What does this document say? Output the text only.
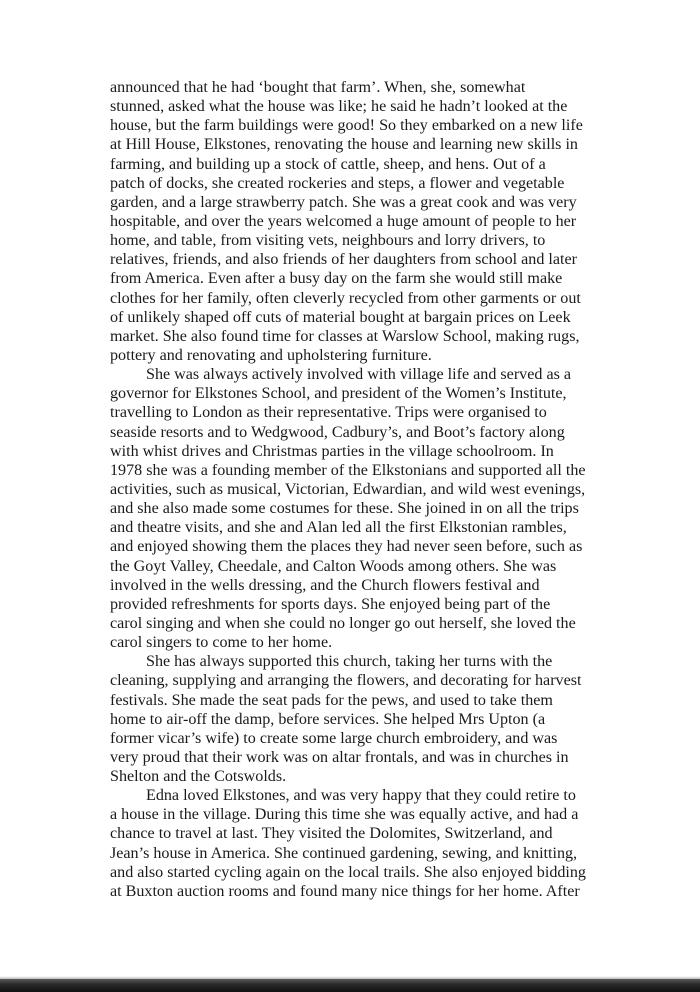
announced that he had ‘bought that farm’. When, she, somewhat
stunned, asked what the house was like; he said he hadn’t looked at the
house, but the farm buildings were good! So they embarked on a new life
at Hill House, Elkstones, renovating the house and learning new skills in
farming, and building up a stock of cattle, sheep, and hens. Out of a
patch of docks, she created rockeries and steps, a flower and vegetable
garden, and a large strawberry patch. She was a great cook and was very
hospitable, and over the years welcomed a huge amount of people to her
home, and table, from visiting vets, neighbours and lorry drivers, to
relatives, friends, and also friends of her daughters from school and later
from America. Even after a busy day on the farm she would still make
clothes for her family, often cleverly recycled from other garments or out
of unlikely shaped off cuts of material bought at bargain prices on Leek
market. She also found time for classes at Warslow School, making rugs,
pottery and renovating and upholstering furniture.
She was always actively involved with village life and served as a
governor for Elkstones School, and president of the Women’s Institute,
travelling to London as their representative. Trips were organised to
seaside resorts and to Wedgwood, Cadbury’s, and Boot’s factory along
with whist drives and Christmas parties in the village schoolroom. In
1978 she was a founding member of the Elkstonians and supported all the
activities, such as musical, Victorian, Edwardian, and wild west evenings,
and she also made some costumes for these. She joined in on all the trips
and theatre visits, and she and Alan led all the first Elkstonian rambles,
and enjoyed showing them the places they had never seen before, such as
the Goyt Valley, Cheedale, and Calton Woods among others. She was
involved in the wells dressing, and the Church flowers festival and
provided refreshments for sports days. She enjoyed being part of the
carol singing and when she could no longer go out herself, she loved the
carol singers to come to her home.
She has always supported this church, taking her turns with the
cleaning, supplying and arranging the flowers, and decorating for harvest
festivals. She made the seat pads for the pews, and used to take them
home to air-off the damp, before services. She helped Mrs Upton (a
former vicar’s wife) to create some large church embroidery, and was
very proud that their work was on altar frontals, and was in churches in
Shelton and the Cotswolds.
Edna loved Elkstones, and was very happy that they could retire to
a house in the village. During this time she was equally active, and had a
chance to travel at last. They visited the Dolomites, Switzerland, and
Jean’s house in America. She continued gardening, sewing, and knitting,
and also started cycling again on the local trails. She also enjoyed bidding
at Buxton auction rooms and found many nice things for her home. After
